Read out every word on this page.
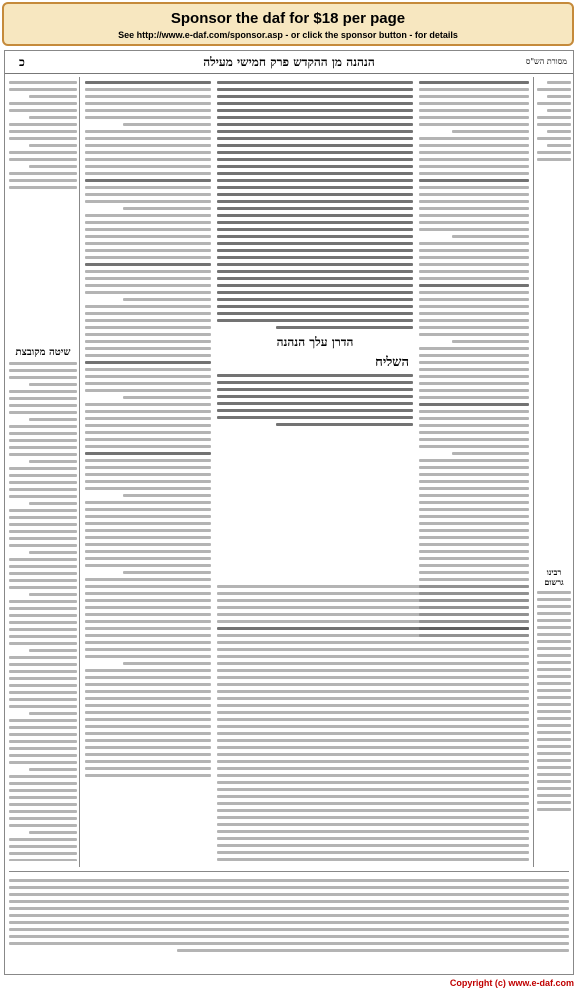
Sponsor the daf for $18 per page
See http://www.e-daf.com/sponsor.asp - or click the sponsor button - for details
כ	הנהנה מן ההקדש פרק חמישי מעילה	מסורת הש"ס
שיטה מקובצת
הדרן עלך הנהנה
השליח
רבינו גרשום
Copyright (c) www.e-daf.com
